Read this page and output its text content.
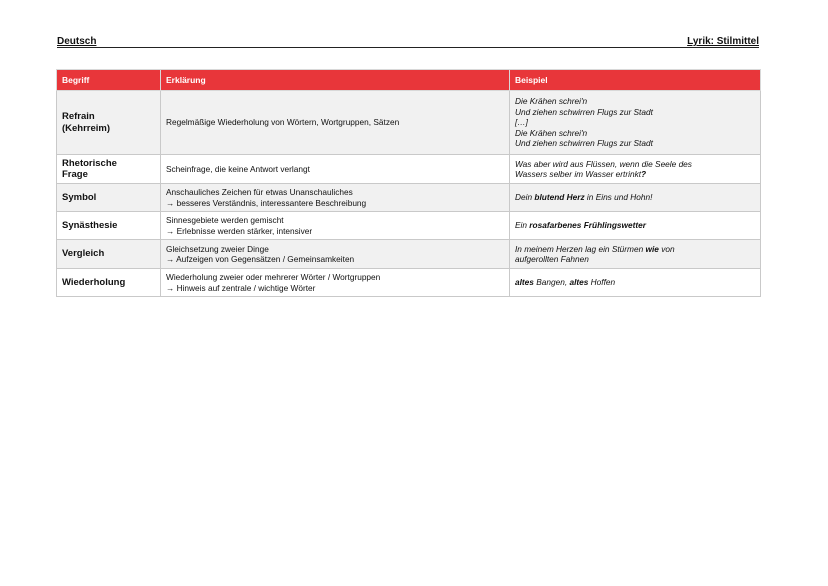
Deutsch	Lyrik: Stilmittel
Begriff	Erklärung	Beispiel

Refrain
(Kehrreim)	Regelmäßige Wiederholung von Wörtern, Wortgruppen, Sätzen	Die Krähen schrei'n
Und ziehen schwirren Flugs zur Stadt
[…]
Die Krähen schrei'n
Und ziehen schwirren Flugs zur Stadt

Rhetorische
Frage	Scheinfrage, die keine Antwort verlangt	Was aber wird aus Flüssen, wenn die Seele des
Wassers selber im Wasser ertrinkt?

Symbol	Anschauliches Zeichen für etwas Unanschauliches
→ besseres Verständnis, interessantere Beschreibung	Dein blutend Herz in Eins und Hohn!
Synästhesie	Sinnesgebiete werden gemischt
→ Erlebnisse werden stärker, intensiver	Ein rosafarbenes Frühlingswetter
Vergleich	Gleichsetzung zweier Dinge
→ Aufzeigen von Gegensätzen / Gemeinsamkeiten	In meinem Herzen lag ein Stürmen wie von
aufgerollten Fahnen

Wiederholung	Wiederholung zweier oder mehrerer Wörter / Wortgruppen
→ Hinweis auf zentrale / wichtige Wörter	altes Bangen, altes Hoffen
